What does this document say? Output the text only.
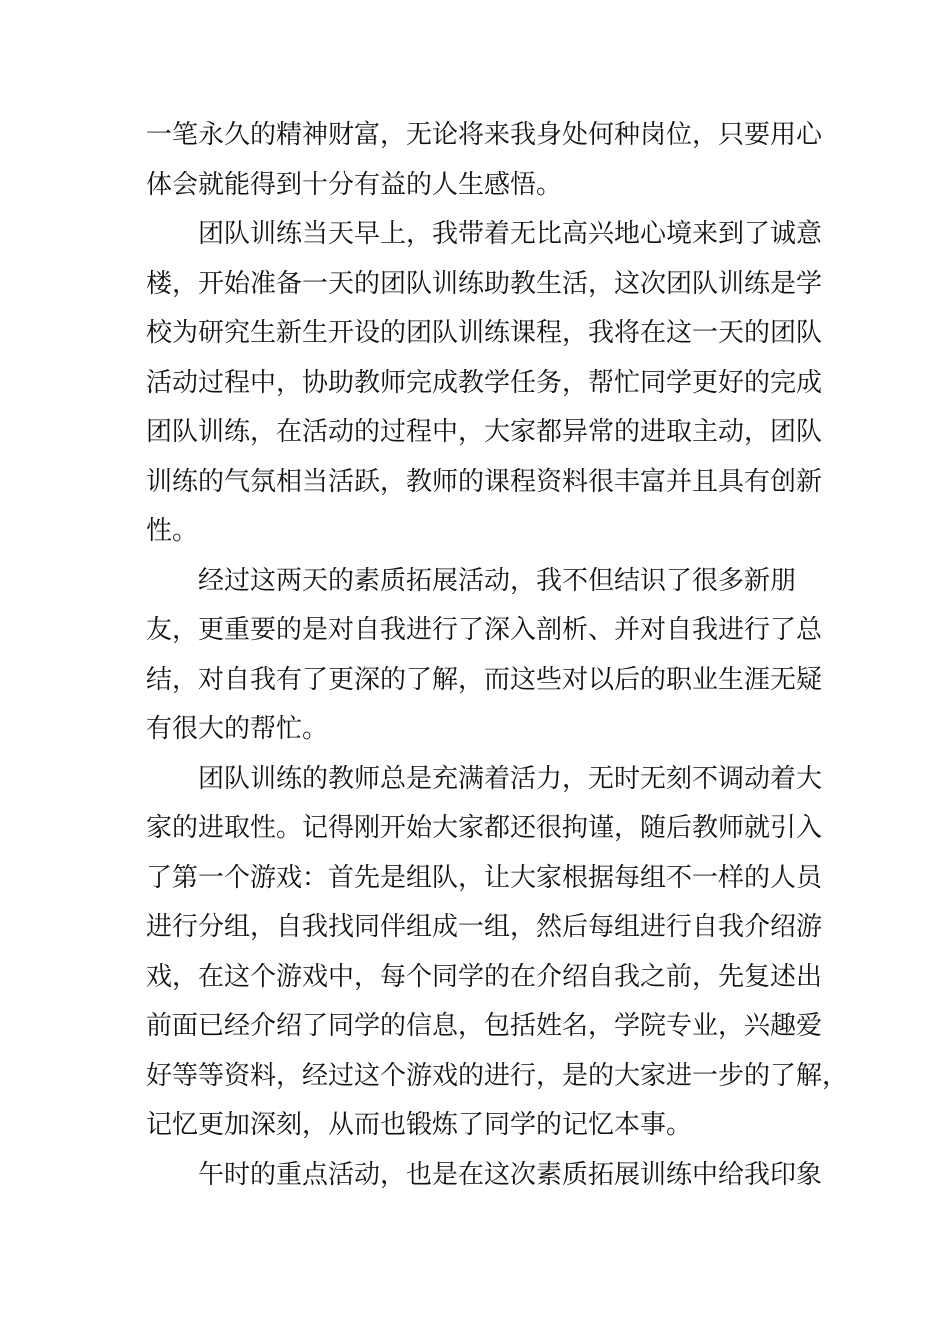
一笔永久的精神财富，无论将来我身处何种岗位，只要用心
体会就能得到十分有益的人生感悟。
团队训练当天早上，我带着无比高兴地心境来到了诚意
楼，开始准备一天的团队训练助教生活，这次团队训练是学
校为研究生新生开设的团队训练课程，我将在这一天的团队
活动过程中，协助教师完成教学任务，帮忙同学更好的完成
团队训练，在活动的过程中，大家都异常的进取主动，团队
训练的气氛相当活跃，教师的课程资料很丰富并且具有创新
性。
经过这两天的素质拓展活动，我不但结识了很多新朋
友，更重要的是对自我进行了深入剖析、并对自我进行了总
结，对自我有了更深的了解，而这些对以后的职业生涯无疑
有很大的帮忙。
团队训练的教师总是充满着活力，无时无刻不调动着大
家的进取性。记得刚开始大家都还很拘谨，随后教师就引入
了第一个游戏：首先是组队，让大家根据每组不一样的人员
进行分组，自我找同伴组成一组，然后每组进行自我介绍游
戏，在这个游戏中，每个同学的在介绍自我之前，先复述出
前面已经介绍了同学的信息，包括姓名，学院专业，兴趣爱
好等等资料，经过这个游戏的进行，是的大家进一步的了解，
记忆更加深刻，从而也锻炼了同学的记忆本事。
午时的重点活动，也是在这次素质拓展训练中给我印象
